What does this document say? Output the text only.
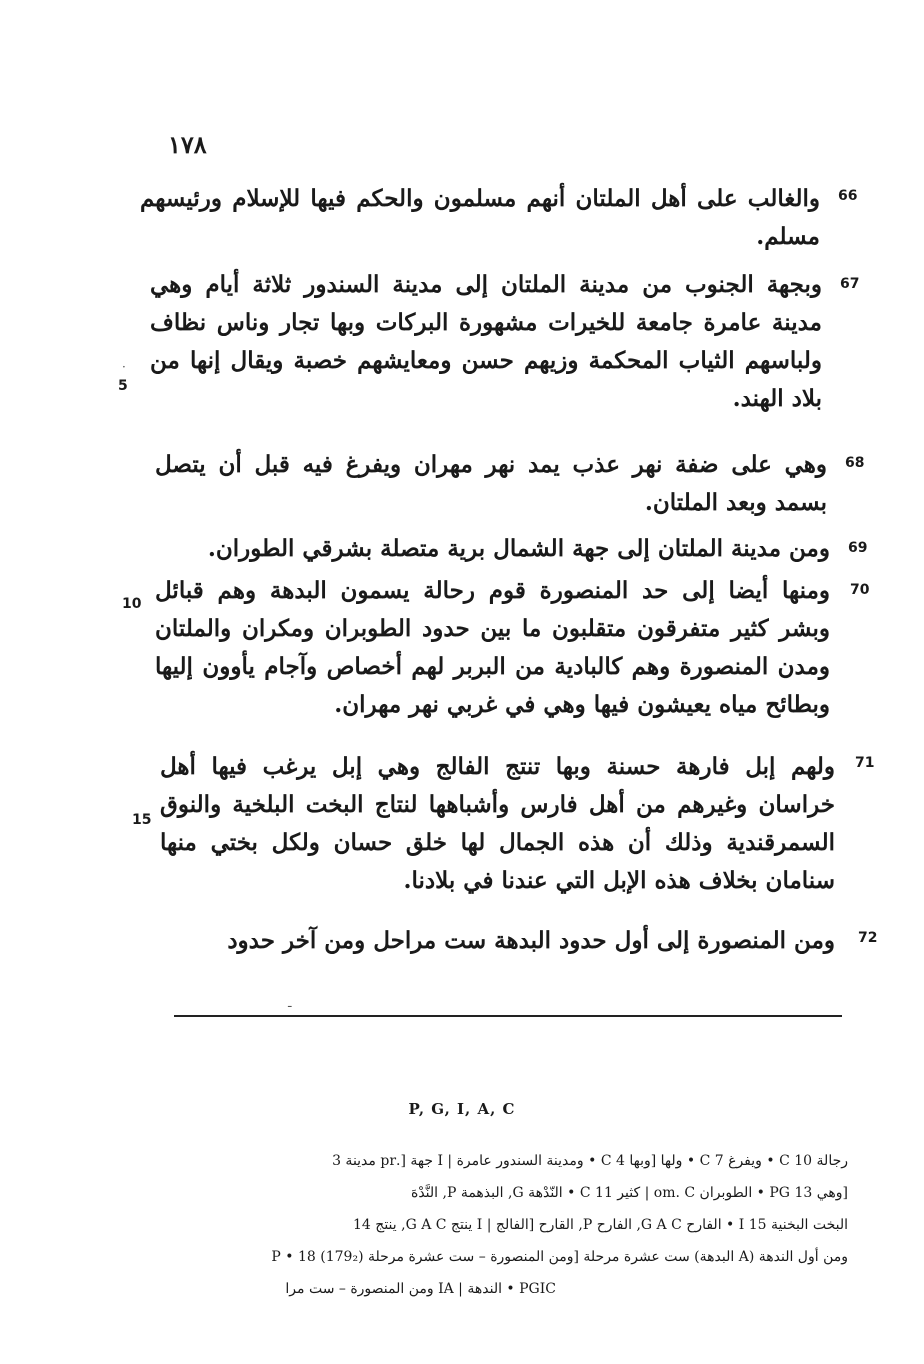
١٧٨
66
والغالب على أهل الملتان أنهم مسلمون والحكم فيها للإسلام ورئيسهم مسلم.
67
وبجهة الجنوب من مدينة الملتان إلى مدينة السندور ثلاثة أيام وهي مدينة عامرة جامعة للخيرات مشهورة البركات وبها تجار وناس نظاف ولباسهم الثياب المحكمة وزيهم حسن ومعايشهم خصبة ويقال إنها من بلاد الهند.
68
وهي على ضفة نهر عذب يمد نهر مهران ويفرغ فيه قبل أن يتصل بسمد وبعد الملتان.
69
ومن مدينة الملتان إلى جهة الشمال برية متصلة بشرقي الطوران.
70
ومنها أيضا إلى حد المنصورة قوم رحالة يسمون البدهة وهم قبائل وبشر كثير متفرقون متقلبون ما بين حدود الطوبران ومكران والملتان ومدن المنصورة وهم كالبادية من البربر لهم أخصاص وآجام يأوون إليها وبطائح مياه يعيشون فيها وهي في غربي نهر مهران.
71
ولهم إبل فارهة حسنة وبها تنتج الفالج وهي إبل يرغب فيها أهل خراسان وغيرهم من أهل فارس وأشباهها لنتاج البخت البلخية والنوق السمرقندية وذلك أن هذه الجمال لها خلق حسان ولكل بختي منها سنامان بخلاف هذه الإبل التي عندنا في بلادنا.
72
ومن المنصورة إلى أول حدود البدهة ست مراحل ومن آخر حدود
5
10
15
·
ـ
P, G, I, A, C
رجالة 10 C • ويفرغ 7 C • ولها [وبها 4 C • ومدينة السندور عامرة | I جهة [.pr مدينة 3
[وهي 13 PG • الطوبران om. C | كثير 11 C • النّدْهة G, البذهمة P, النَّدْهَ
البخت البخنية 15 I • الفارح G A C, الفارح P, القارح [الفالج | I ينتج G A C, ينتج 14
ومن أول الندهة (A البدهة) ست عشرة مرحلة [ومن المنصورة – ست عشرة مرحلة (179₂) 18 • P
PGIC • الندهة | IA ومن المنصورة – ست مرا
